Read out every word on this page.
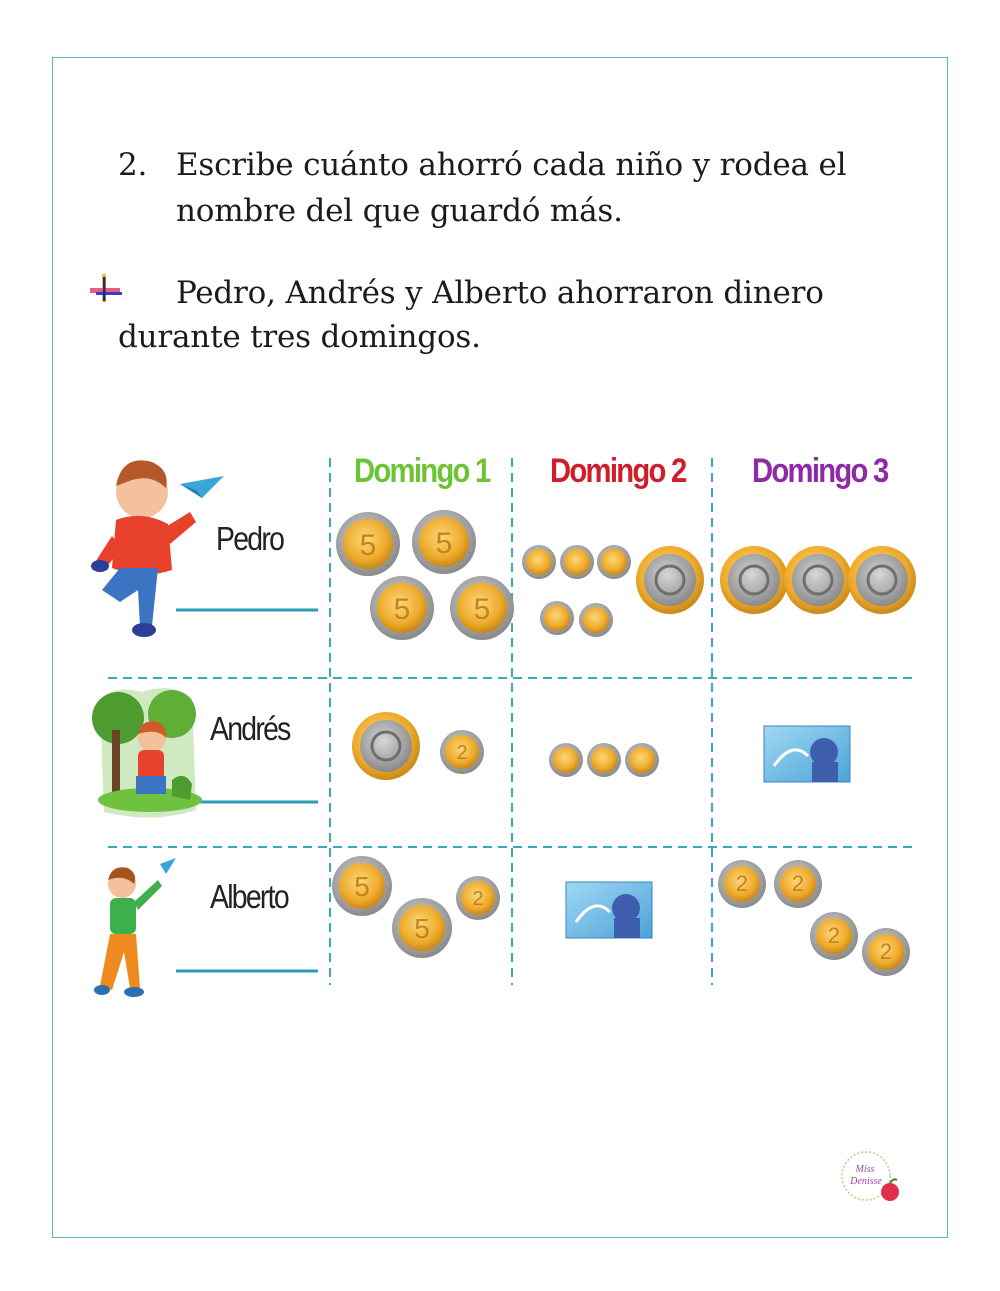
2. Escribe cuánto ahorró cada niño y rodea el
nombre del que guardó más.
Pedro, Andrés y Alberto ahorraron dinero
durante tres domingos.
5 5
5 5
2
5
5
2
2 2
2
2
Domingo 1 Domingo 2 Domingo 3
Pedro
Andrés
Alberto
Miss
Denisse
